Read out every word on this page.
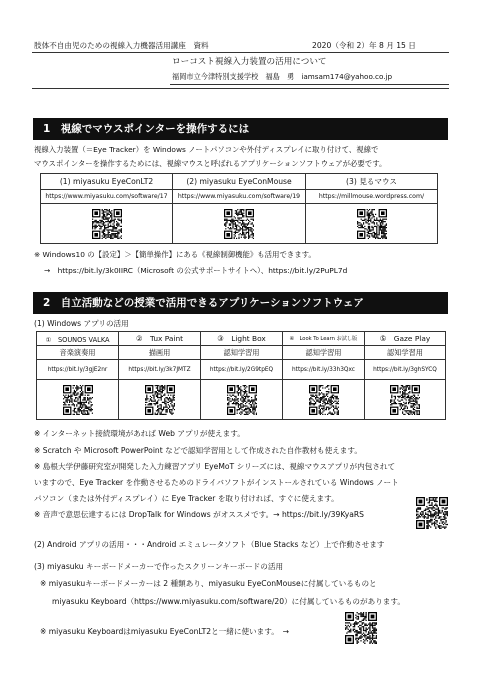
肢体不自由児のための視線入力機器活用講座　資料	2020（令和 2）年 8 月 15 日
ローコスト視線入力装置の活用について
福岡市立今津特別支援学校　福島　勇　iamsam174@yahoo.co.jp
1　視線でマウスポインターを操作するには
視線入力装置（＝Eye Tracker）を Windows ノートパソコンや外付ディスプレイに取り付けて、視線で
マウスポインターを操作するためには、視線マウスと呼ばれるアプリケーションソフトウェアが必要です。
(1) miyasuku EyeConLT2	(2) miyasuku EyeConMouse	(3) 見るマウス
https://www.miyasuku.com/software/17	https://www.miyasuku.com/software/19	https://millmouse.wordpress.com/

※ Windows10 の【設定】＞【簡単操作】にある《視線制御機能》も活用できます。
→　https://bit.ly/3k0IIRC（Microsoft の公式サポートサイトへ）、https://bit.ly/2PuPL7d
2　自立活動などの授業で活用できるアプリケーションソフトウェア
(1) Windows アプリの活用
①　SOUNOS VALKA	②　Tux Paint	③　Light Box	④　Look To Learn お試し版	⑤　Gaze Play
音楽演奏用	描画用	認知学習用	認知学習用	認知学習用
https://bit.ly/3gjE2nr	https://bit.ly/3k7JMTZ	https://bit.ly/2G9tpEQ	https://bit.ly/33h3Qxc	https://bit.ly/3ghSYCQ

※ インターネット接続環境があれば Web アプリが使えます。
※ Scratch や Microsoft PowerPoint などで認知学習用として作成された自作教材も使えます。
※ 島根大学伊藤研究室が開発した入力練習アプリ EyeMoT シリーズには、視線マウスアプリが内包されて
いますので、Eye Tracker を作動させるためのドライバソフトがインストールされている Windows ノート
パソコン（または外付ディスプレイ）に Eye Tracker を取り付ければ、すぐに使えます。
※ 音声で意思伝達するには DropTalk for Windows がオススメです。→ https://bit.ly/39KyaRS
(2) Android アプリの活用・・・Android エミュレータソフト（Blue Stacks など）上で作動させます
(3) miyasuku キーボードメーカーで作ったスクリーンキーボードの活用
※ miyasukuキーボードメーカーは 2 種類あり、miyasuku EyeConMouseに付属しているものと
miyasuku Keyboard（https://www.miyasuku.com/software/20）に付属しているものがあります。
※ miyasuku Keyboardはmiyasuku EyeConLT2と一緒に使います。　→
